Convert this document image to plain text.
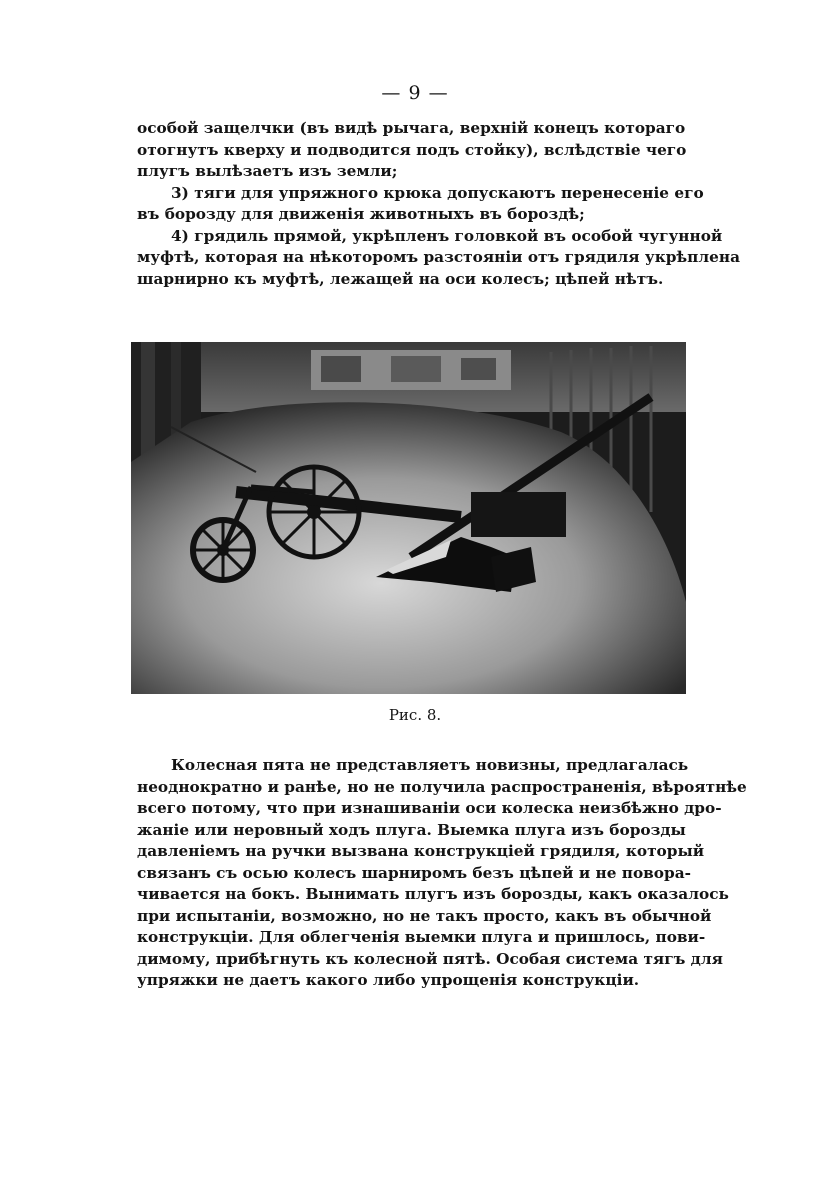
— 9 —
особой защелчки (въ видѣ рычага, верхній конецъ котораго
отогнутъ кверху и подводится подъ стойку), вслѣдствіе чего
плугъ вылѣзаетъ изъ земли;
3) тяги для упряжного крюка допускаютъ перенесеніе его
въ борозду для движенія животныхъ въ бороздѣ;
4) грядиль прямой, укрѣпленъ головкой въ особой чугунной
муфтѣ, которая на нѣкоторомъ разстояніи отъ грядиля укрѣплена
шарнирно къ муфтѣ, лежащей на оси колесъ; цѣпей нѣтъ.
Рис. 8.
Колесная пята не представляетъ новизны, предлагалась
неоднократно и ранѣе, но не получила распространенія, вѣроятнѣе
всего потому, что при изнашиваніи оси колеска неизбѣжно дро-
жаніе или неровный ходъ плуга. Выемка плуга изъ борозды
давленіемъ на ручки вызвана конструкціей грядиля, который
связанъ съ осью колесъ шарниромъ безъ цѣпей и не повора-
чивается на бокъ. Вынимать плугъ изъ борозды, какъ оказалось
при испытаніи, возможно, но не такъ просто, какъ въ обычной
конструкціи. Для облегченія выемки плуга и пришлось, пови-
димому, прибѣгнуть къ колесной пятѣ. Особая система тягъ для
упряжки не даетъ какого либо упрощенія конструкціи.
